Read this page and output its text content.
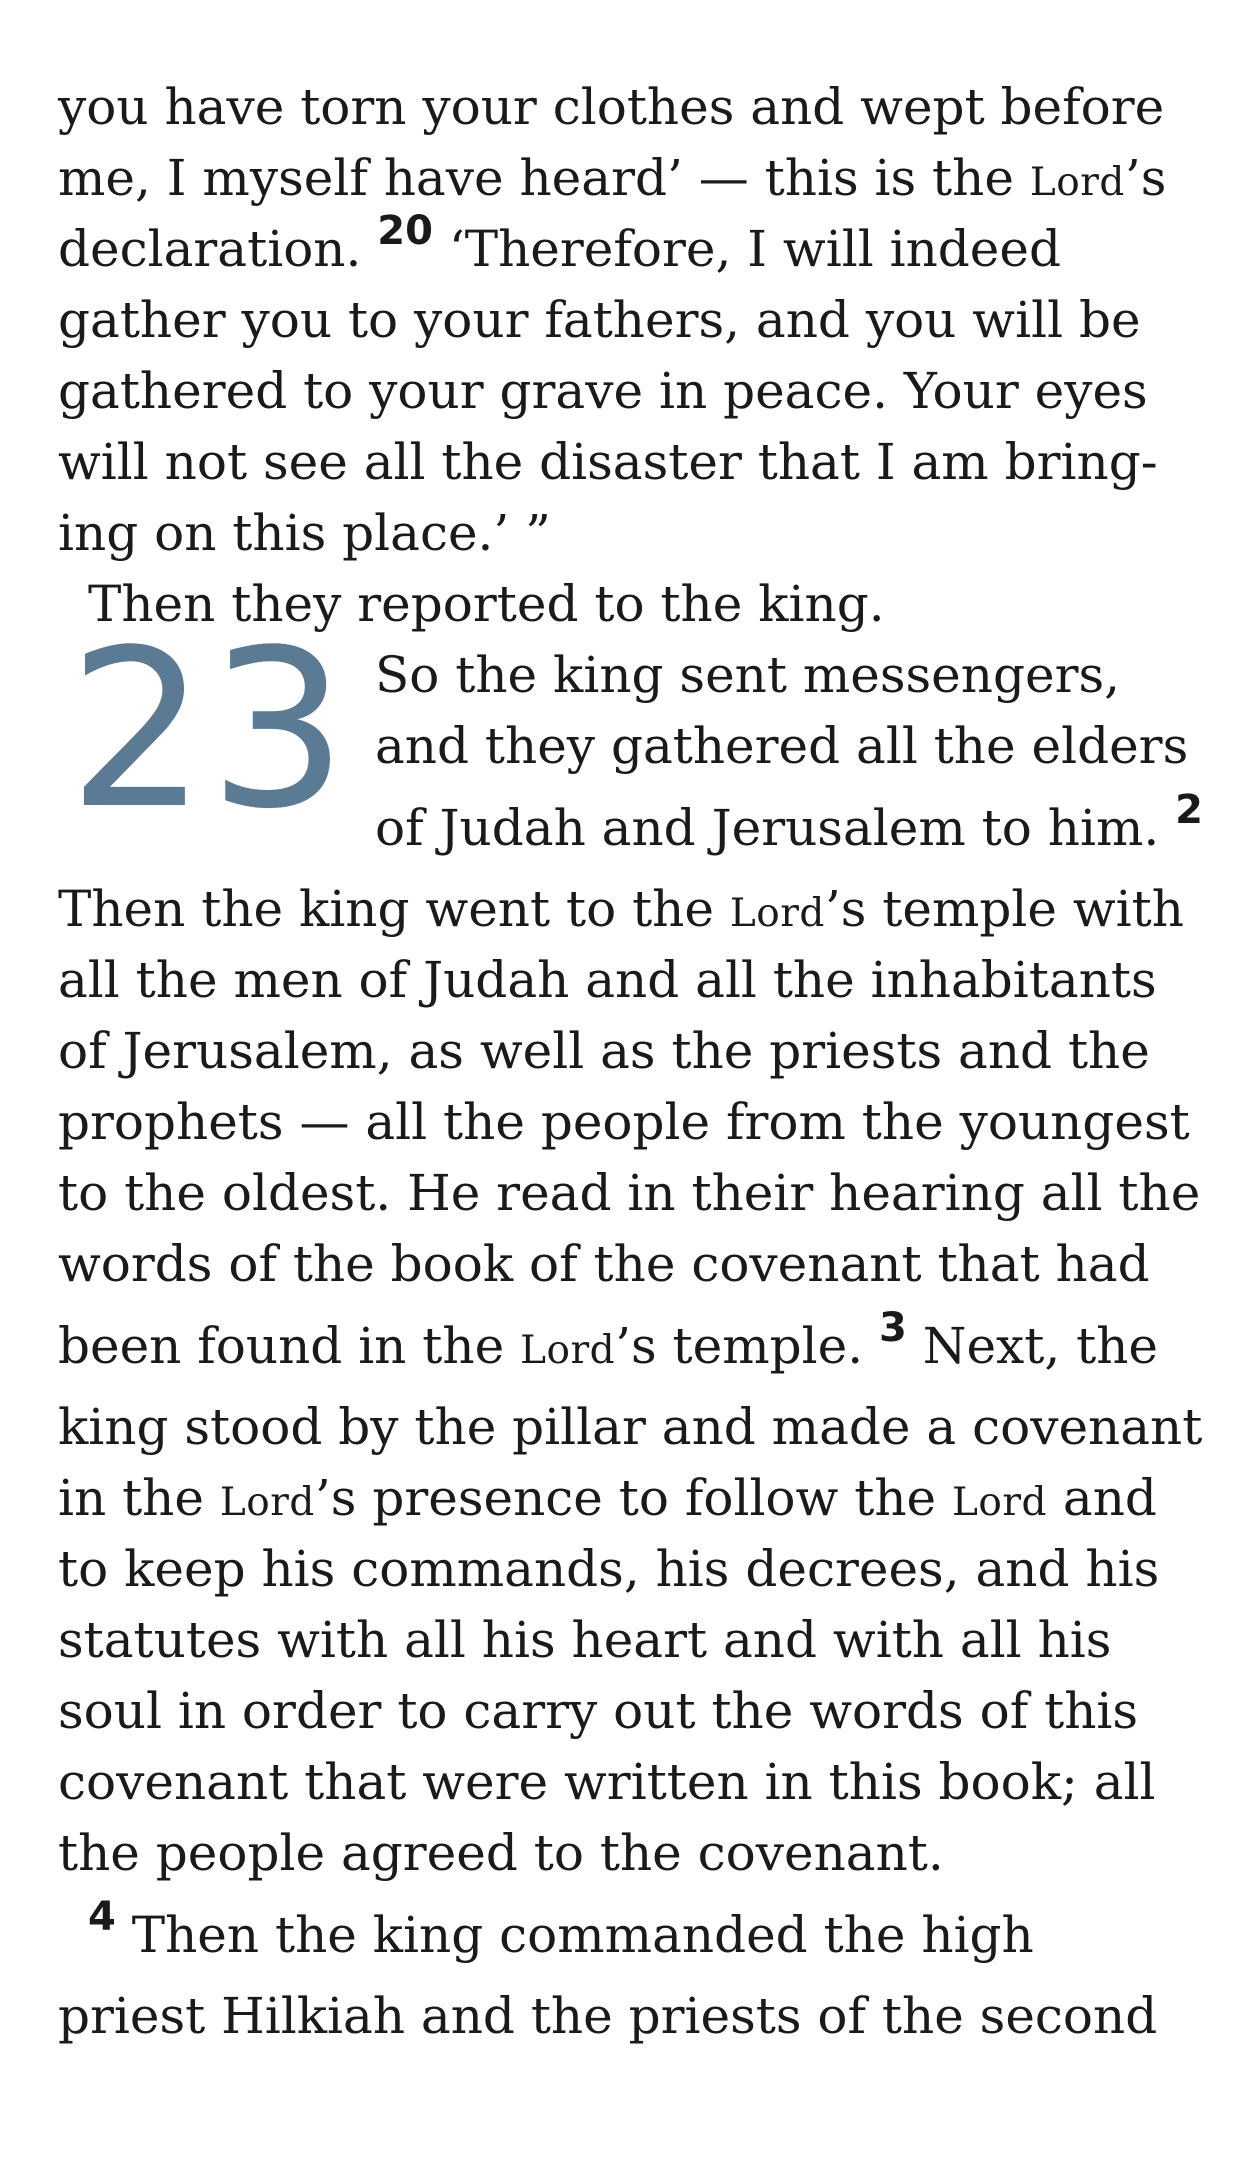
you have torn your clothes and wept before
me, I myself have heard’ — this is the Lord’s
declaration. $^{20}$ ‘Therefore, I will indeed
gather you to your fathers, and you will be
gathered to your grave in peace. Your eyes
will not see all the disaster that I am bring-
ing on this place.’ ”
Then they reported to the king.
23 So the king sent messengers,
and they gathered all the elders
of Judah and Jerusalem to him. $^2$
Then the king went to the Lord’s temple with
all the men of Judah and all the inhabitants
of Jerusalem, as well as the priests and the
prophets — all the people from the youngest
to the oldest. He read in their hearing all the
words of the book of the covenant that had
been found in the Lord’s temple. $^3$ Next, the
king stood by the pillar and made a covenant
in the Lord’s presence to follow the Lord and
to keep his commands, his decrees, and his
statutes with all his heart and with all his
soul in order to carry out the words of this
covenant that were written in this book; all
the people agreed to the covenant.
$^4$ Then the king commanded the high
priest Hilkiah and the priests of the second
